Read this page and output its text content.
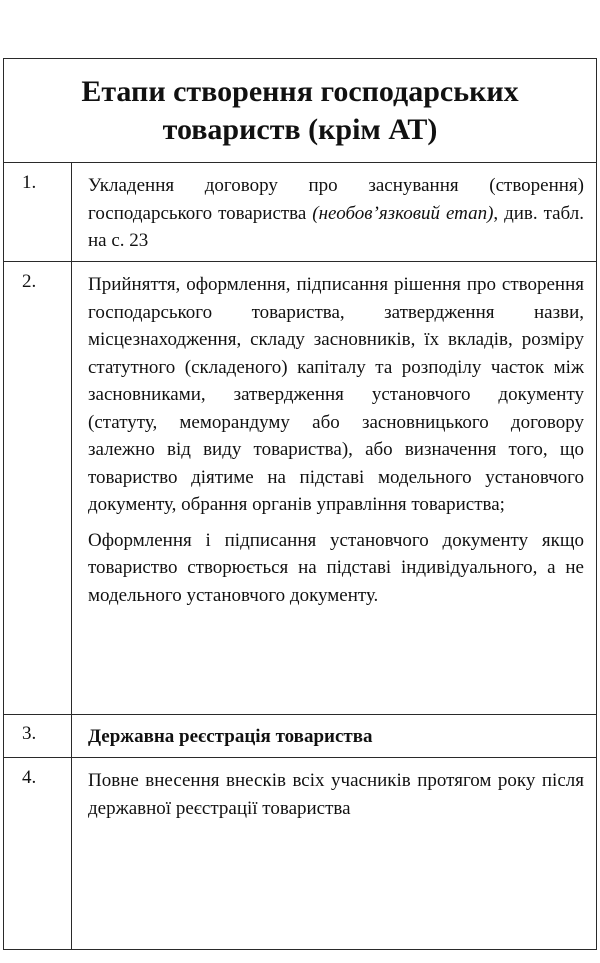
Етапи створення господарських
товариств (крім АТ)
1.	Укладення договору про заснування (створення) господарського товариства (необов’язковий етап), див. табл. на с. 23
2.	Прийняття, оформлення, підписання рішення про створення господарського товариства, затвердження назви, місцезнаходження, складу засновників, їх вкладів, розміру статутного (складеного) капіталу та розподілу часток між засновниками, затвердження установчого документу (статуту, меморандуму або засновницького договору залежно від виду товариства), або визначення того, що товариство діятиме на підставі модельного установчого документу, обрання органів управління товариства;

Оформлення і підписання установчого документу якщо товариство створюється на підставі індивідуального, а не модельного установчого документу.

3.	Державна реєстрація товариства
4.	Повне внесення внесків всіх учасників протягом року після державної реєстрації товариства
